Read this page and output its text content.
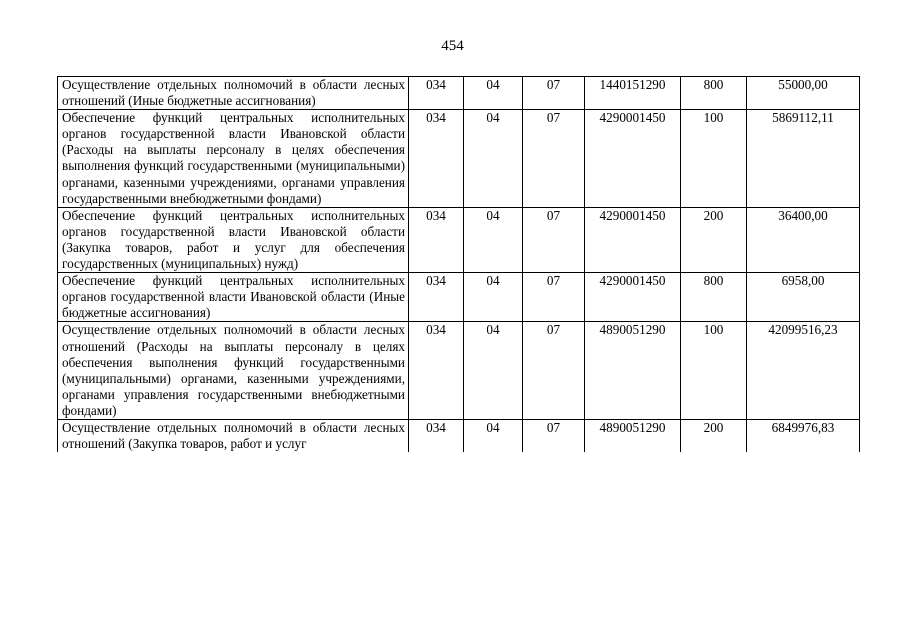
454
Осуществление отдельных полномочий в области лесных отношений (Иные бюджетные ассигнования)	034	04	07	1440151290	800	55000,00
Обеспечение функций центральных исполнительных органов государственной власти Ивановской области (Расходы на выплаты персоналу в целях обеспечения выполнения функций государственными (муниципальными) органами, казенными учреждениями, органами управления государственными внебюджетными фондами)	034	04	07	4290001450	100	5869112,11
Обеспечение функций центральных исполнительных органов государственной власти Ивановской области (Закупка товаров, работ и услуг для обеспечения государственных (муниципальных) нужд)	034	04	07	4290001450	200	36400,00
Обеспечение функций центральных исполнительных органов государственной власти Ивановской области (Иные бюджетные ассигнования)	034	04	07	4290001450	800	6958,00
Осуществление отдельных полномочий в области лесных отношений (Расходы на выплаты персоналу в целях обеспечения выполнения функций государственными (муниципальными) органами, казенными учреждениями, органами управления государственными внебюджетными фондами)	034	04	07	4890051290	100	42099516,23
Осуществление отдельных полномочий в области лесных отношений (Закупка товаров, работ и услуг	034	04	07	4890051290	200	6849976,83
